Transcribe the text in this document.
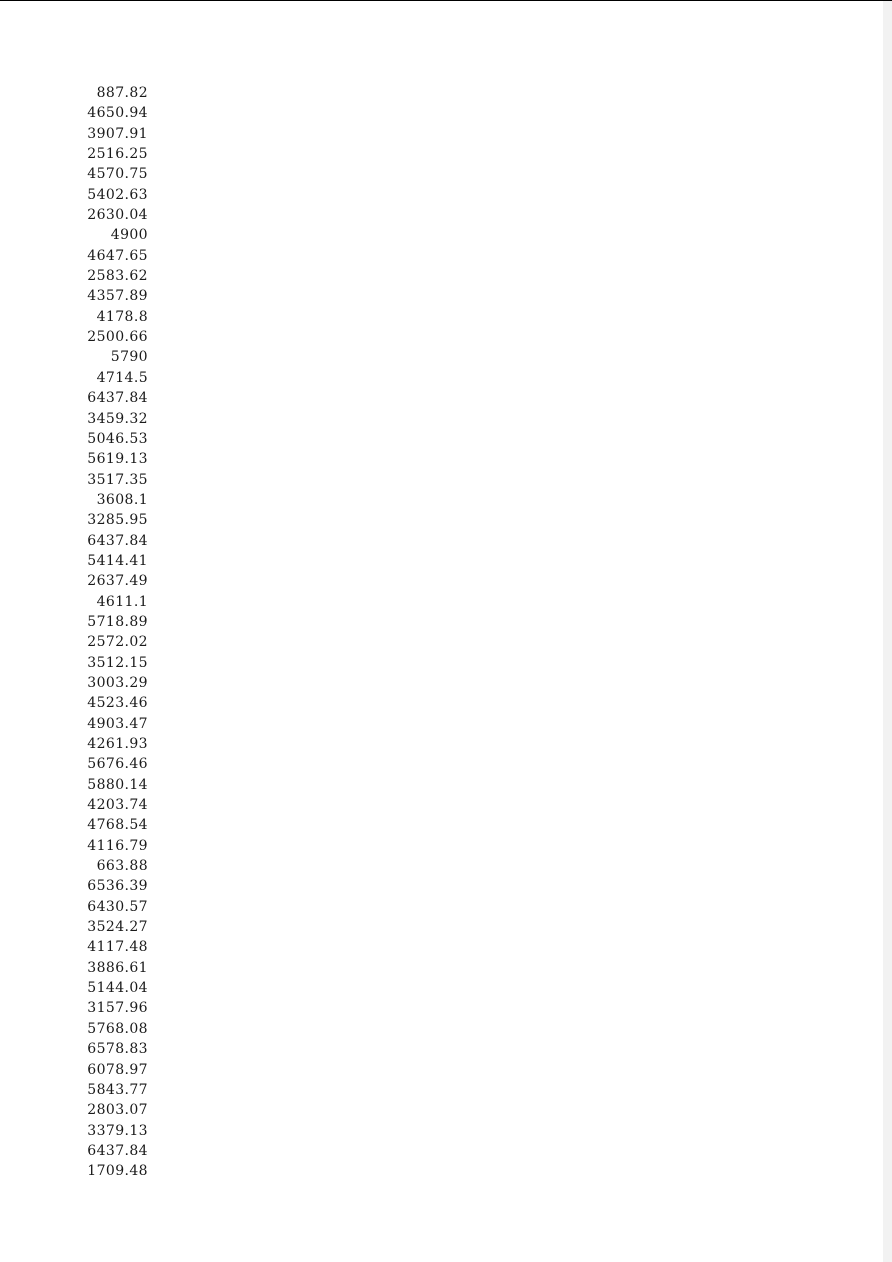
887.82
4650.94
3907.91
2516.25
4570.75
5402.63
2630.04
4900
4647.65
2583.62
4357.89
4178.8
2500.66
5790
4714.5
6437.84
3459.32
5046.53
5619.13
3517.35
3608.1
3285.95
6437.84
5414.41
2637.49
4611.1
5718.89
2572.02
3512.15
3003.29
4523.46
4903.47
4261.93
5676.46
5880.14
4203.74
4768.54
4116.79
663.88
6536.39
6430.57
3524.27
4117.48
3886.61
5144.04
3157.96
5768.08
6578.83
6078.97
5843.77
2803.07
3379.13
6437.84
1709.48
